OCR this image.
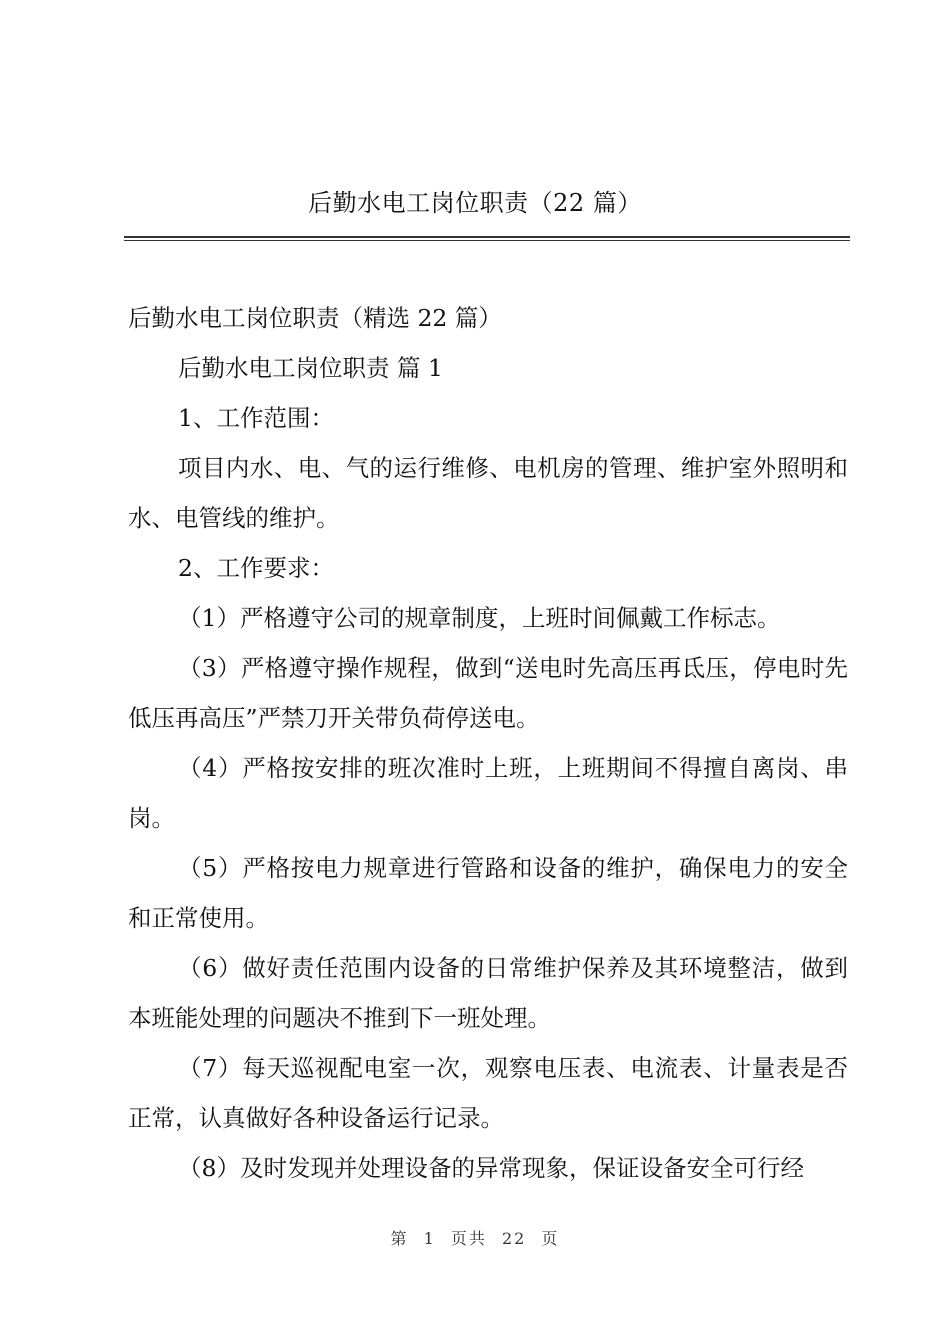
后勤水电工岗位职责（22 篇）

后勤水电工岗位职责（精选 22 篇）

后勤水电工岗位职责 篇 1

1、工作范围：

项目内水、电、气的运行维修、电机房的管理、维护室外照明和水、电管线的维护。

2、工作要求：

（1）严格遵守公司的规章制度，上班时间佩戴工作标志。

（3）严格遵守操作规程，做到“送电时先高压再氐压，停电时先低压再高压”严禁刀开关带负荷停送电。

（4）严格按安排的班次准时上班，上班期间不得擅自离岗、串岗。

（5）严格按电力规章进行管路和设备的维护，确保电力的安全和正常使用。

（6）做好责任范围内设备的日常维护保养及其环境整洁，做到本班能处理的问题决不推到下一班处理。

（7）每天巡视配电室一次，观察电压表、电流表、计量表是否正常，认真做好各种设备运行记录。

（8）及时发现并处理设备的异常现象，保证设备安全可行经

第 1 页共 22 页
